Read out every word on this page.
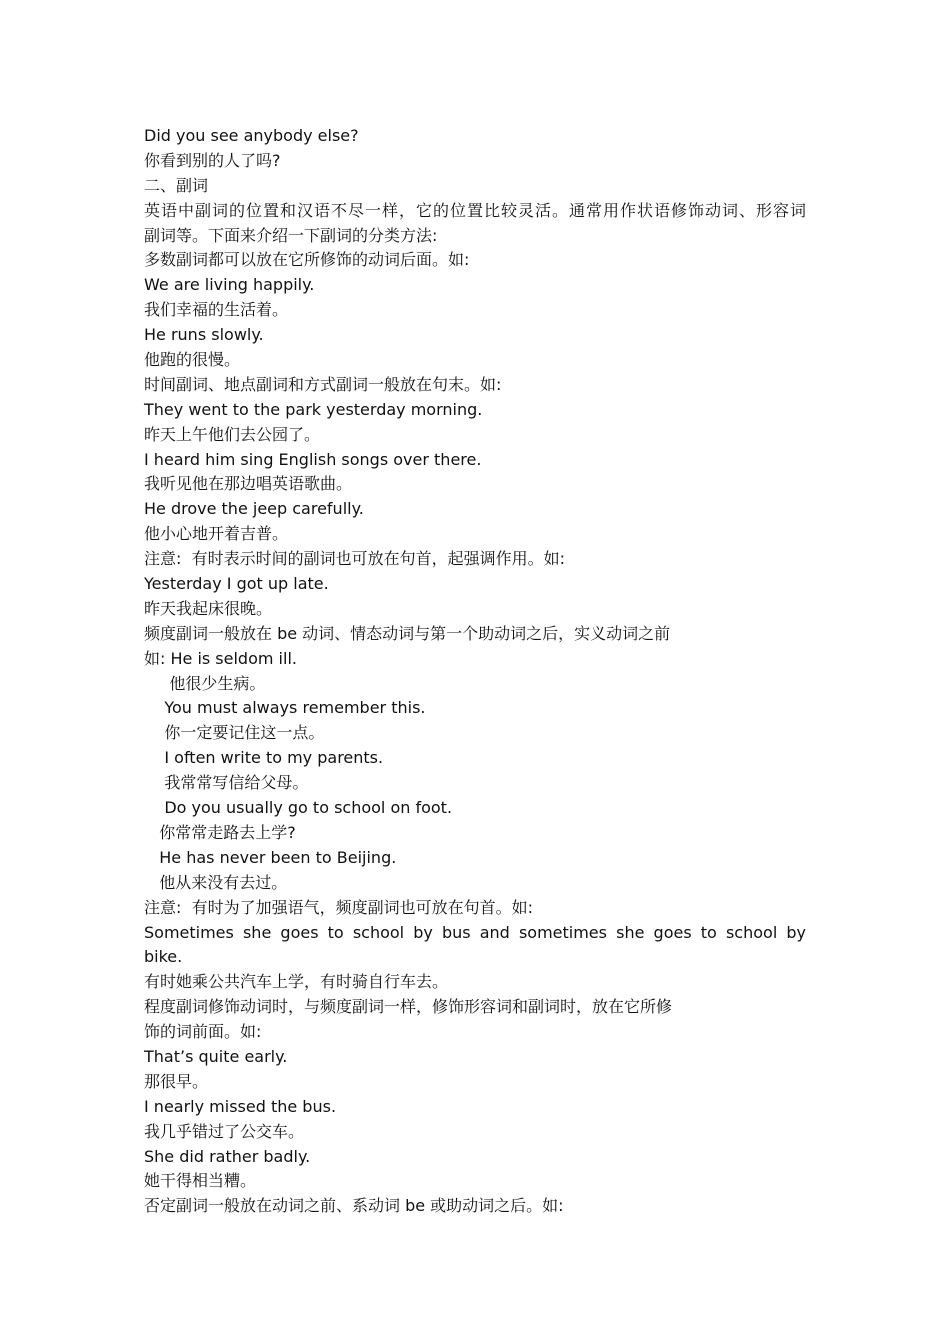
Did you see anybody else?
你看到别的人了吗?
二、副词
英语中副词的位置和汉语不尽一样，它的位置比较灵活。通常用作状语修饰动词、形容词
副词等。下面来介绍一下副词的分类方法:
多数副词都可以放在它所修饰的动词后面。如:
We are living happily.
我们幸福的生活着。
He runs slowly.
他跑的很慢。
时间副词、地点副词和方式副词一般放在句末。如:
They went to the park yesterday morning.
昨天上午他们去公园了。
I heard him sing English songs over there.
我听见他在那边唱英语歌曲。
He drove the jeep carefully.
他小心地开着吉普。
注意:  有时表示时间的副词也可放在句首，起强调作用。如:
Yesterday I got up late.
昨天我起床很晚。
频度副词一般放在 be 动词、情态动词与第一个助动词之后，实义动词之前
如: He is seldom ill.
他很少生病。
You must always remember this.
你一定要记住这一点。
I often write to my parents.
我常常写信给父母。
Do you usually go to school on foot.
你常常走路去上学?
He has never been to Beijing.
他从来没有去过。
注意:  有时为了加强语气，频度副词也可放在句首。如:
Sometimes she goes to school by bus and sometimes she goes to school by
bike.
有时她乘公共汽车上学，有时骑自行车去。
程度副词修饰动词时，与频度副词一样，修饰形容词和副词时，放在它所修
饰的词前面。如:
That’s quite early.
那很早。
I nearly missed the bus.
我几乎错过了公交车。
She did rather badly.
她干得相当糟。
否定副词一般放在动词之前、系动词 be 或助动词之后。如:
